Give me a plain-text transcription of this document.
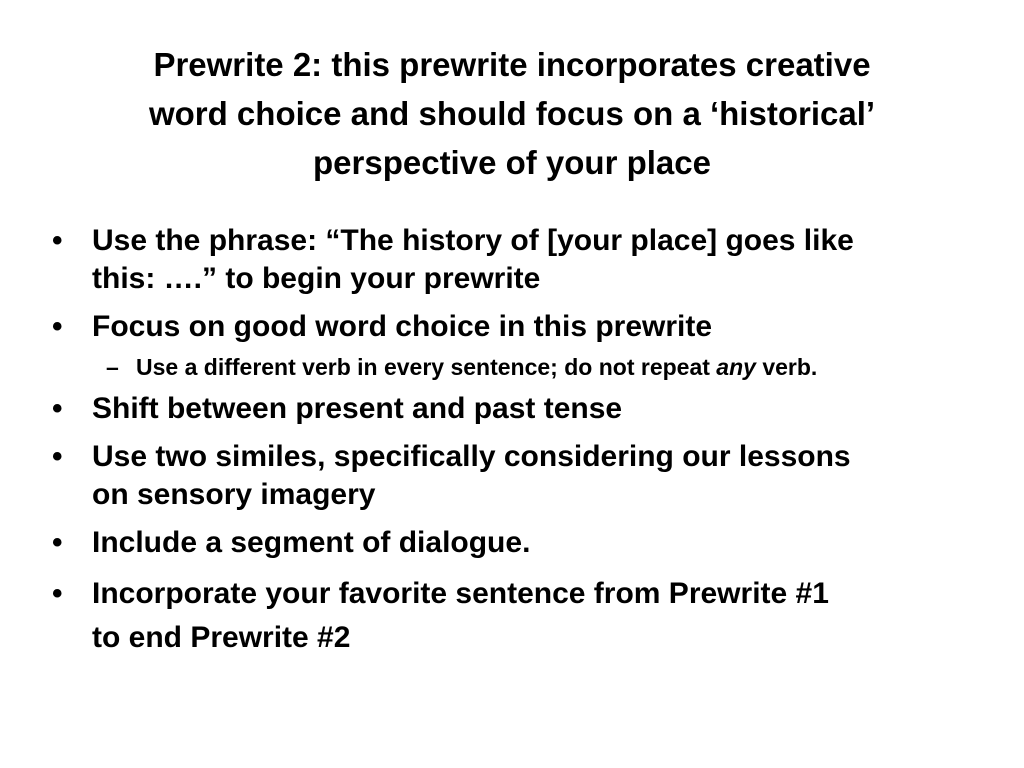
Prewrite 2: this prewrite incorporates creative
word choice and should focus on a ‘historical’
perspective of your place
• Use the phrase: “The history of [your place] goes like
this: ….” to begin your prewrite
• Focus on good word choice in this prewrite
– Use a different verb in every sentence; do not repeat any verb.
• Shift between present and past tense
• Use two similes, specifically considering our lessons
on sensory imagery
• Include a segment of dialogue.
• Incorporate your favorite sentence from Prewrite #1
to end Prewrite #2
